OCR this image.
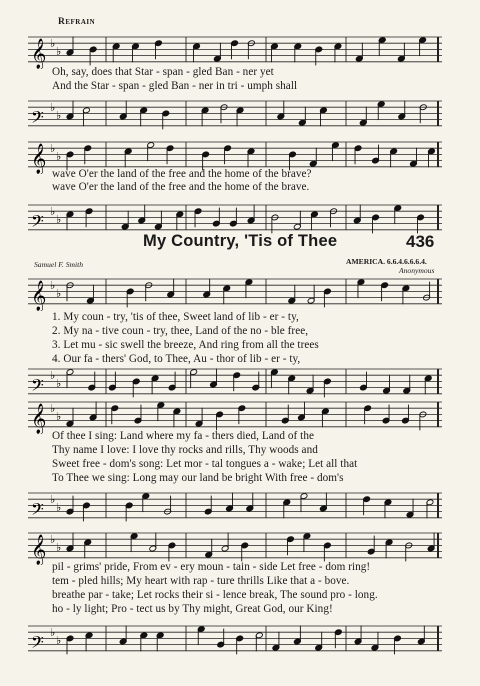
𝄞 ♭
♭
Refrain
Oh, say, does that Star - span - gled Ban - ner yet
And the Star - span - gled Ban - ner in tri - umph shall
𝄢 ♭
♭
𝄞 ♭
♭
wave O'er the land of the free and the home of the brave?
wave O'er the land of the free and the home of the brave.
𝄢 ♭
♭
My Country, 'Tis of Thee	436
AMERICA. 6.6.4.6.6.6.4.
Samuel F. Smith
Anonymous
𝄞 ♭
♭
1. My coun - try, 'tis of thee, Sweet land of lib - er - ty,
2. My na - tive coun - try, thee, Land of the no - ble free,
3. Let mu - sic swell the breeze, And ring from all the trees
4. Our fa - thers' God, to Thee, Au - thor of lib - er - ty,
𝄢 ♭
♭
𝄞 ♭
♭
Of thee I sing: Land where my fa - thers died, Land of the
Thy name I love: I love thy rocks and rills, Thy woods and
Sweet free - dom's song: Let mor - tal tongues a - wake; Let all that
To Thee we sing: Long may our land be bright With free - dom's
𝄢 ♭
♭
𝄞 ♭
♭
pil - grims' pride, From ev - ery moun - tain - side Let free - dom ring!
tem - pled hills; My heart with rap - ture thrills Like that a - bove.
breathe par - take; Let rocks their si - lence break, The sound pro - long.
ho - ly light; Pro - tect us by Thy might, Great God, our King!
𝄢 ♭
♭
